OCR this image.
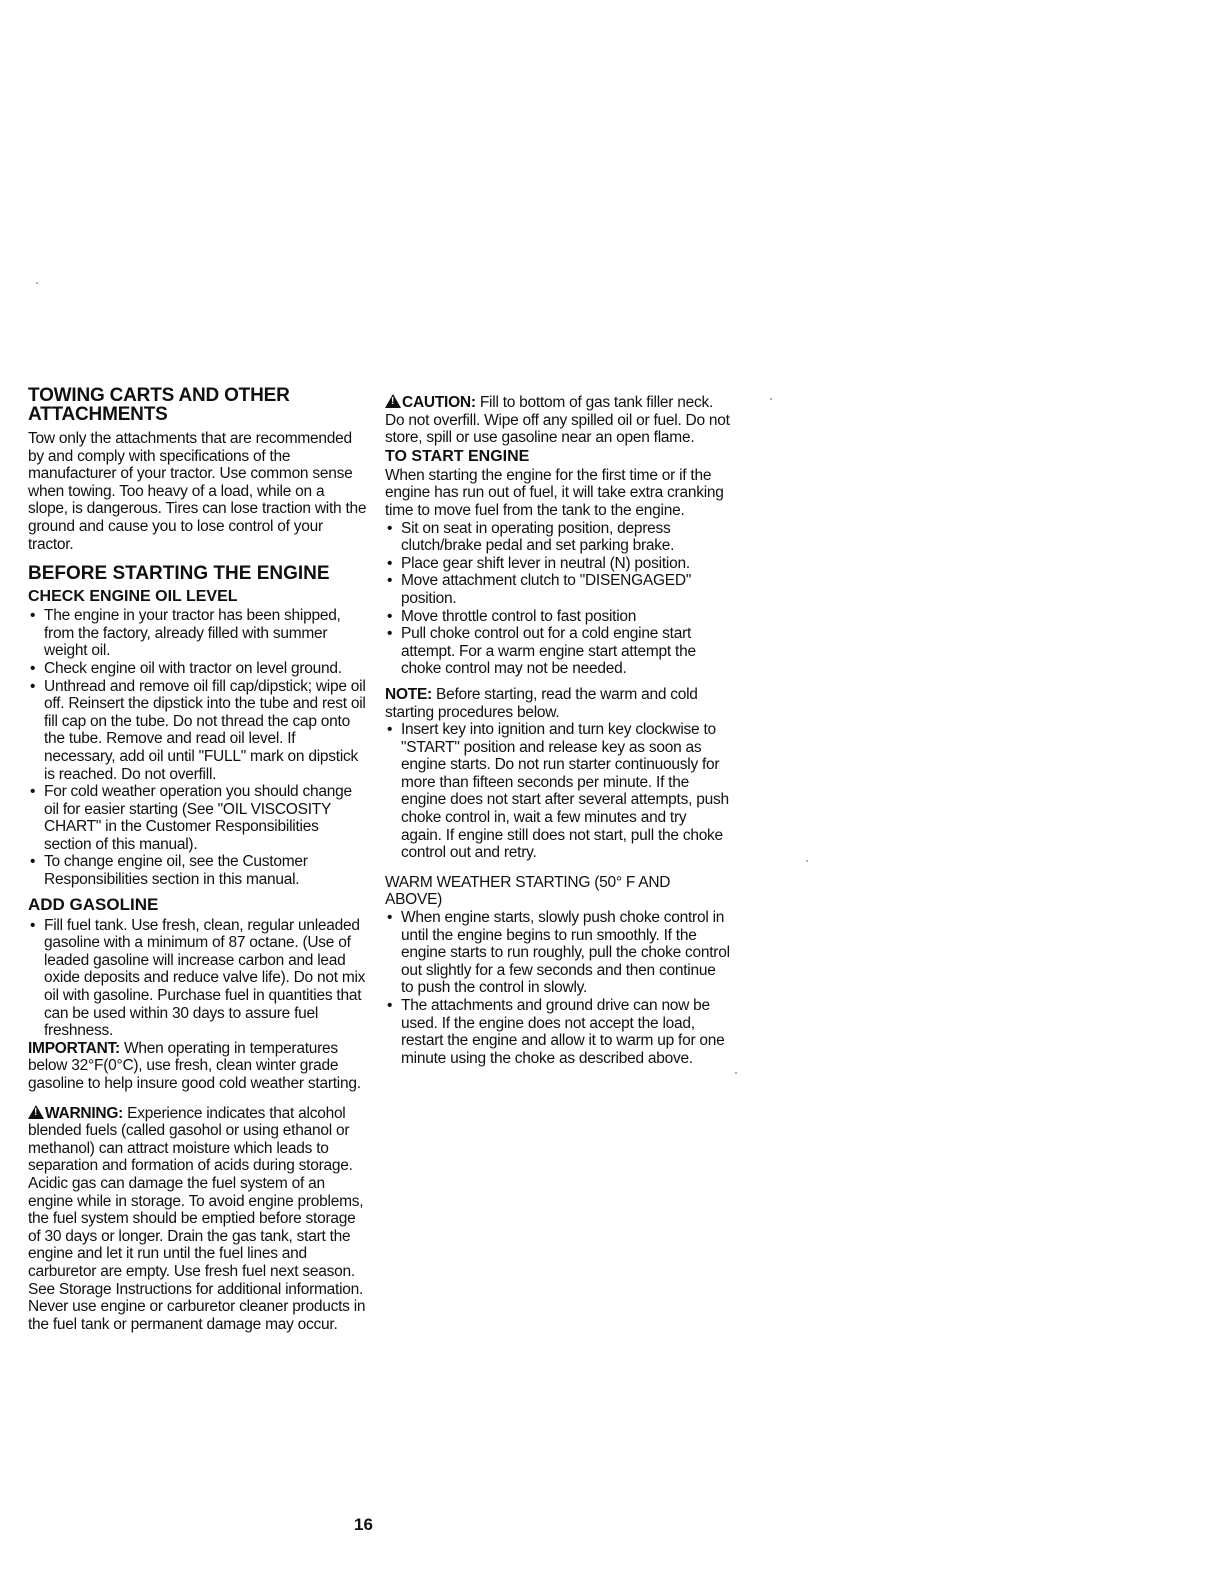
TOWING CARTS AND OTHER ATTACHMENTS

Tow only the attachments that are recommended by and comply with specifications of the manufacturer of your tractor. Use common sense when towing. Too heavy of a load, while on a slope, is dangerous. Tires can lose traction with the ground and cause you to lose control of your tractor.

BEFORE STARTING THE ENGINE
CHECK ENGINE OIL LEVEL
• The engine in your tractor has been shipped, from the factory, already filled with summer weight oil.
• Check engine oil with tractor on level ground.
• Unthread and remove oil fill cap/dipstick; wipe oil off. Reinsert the dipstick into the tube and rest oil fill cap on the tube. Do not thread the cap onto the tube. Remove and read oil level. If necessary, add oil until "FULL" mark on dipstick is reached. Do not overfill.
• For cold weather operation you should change oil for easier starting (See "OIL VISCOSITY CHART" in the Customer Responsibilities section of this manual).
• To change engine oil, see the Customer Responsibilities section in this manual.
ADD GASOLINE
• Fill fuel tank. Use fresh, clean, regular unleaded gasoline with a minimum of 87 octane. (Use of leaded gasoline will increase carbon and lead oxide deposits and reduce valve life). Do not mix oil with gasoline. Purchase fuel in quantities that can be used within 30 days to assure fuel freshness.

IMPORTANT: When operating in temperatures below 32°F(0°C), use fresh, clean winter grade gasoline to help insure good cold weather starting.

!WARNING: Experience indicates that alcohol blended fuels (called gasohol or using ethanol or methanol) can attract moisture which leads to separation and formation of acids during storage. Acidic gas can damage the fuel system of an engine while in storage. To avoid engine problems, the fuel system should be emptied before storage of 30 days or longer. Drain the gas tank, start the engine and let it run until the fuel lines and carburetor are empty. Use fresh fuel next season. See Storage Instructions for additional information. Never use engine or carburetor cleaner products in the fuel tank or permanent damage may occur.

!CAUTION: Fill to bottom of gas tank filler neck. Do not overfill. Wipe off any spilled oil or fuel. Do not store, spill or use gasoline near an open flame.

TO START ENGINE

When starting the engine for the first time or if the engine has run out of fuel, it will take extra cranking time to move fuel from the tank to the engine.

• Sit on seat in operating position, depress clutch/brake pedal and set parking brake.
• Place gear shift lever in neutral (N) position.
• Move attachment clutch to "DISENGAGED" position.
• Move throttle control to fast position
• Pull choke control out for a cold engine start attempt. For a warm engine start attempt the choke control may not be needed.

NOTE: Before starting, read the warm and cold starting procedures below.

• Insert key into ignition and turn key clockwise to "START" position and release key as soon as engine starts. Do not run starter continuously for more than fifteen seconds per minute. If the engine does not start after several attempts, push choke control in, wait a few minutes and try again. If engine still does not start, pull the choke control out and retry.

WARM WEATHER STARTING (50° F AND ABOVE)

• When engine starts, slowly push choke control in until the engine begins to run smoothly. If the engine starts to run roughly, pull the choke control out slightly for a few seconds and then continue to push the control in slowly.
• The attachments and ground drive can now be used. If the engine does not accept the load, restart the engine and allow it to warm up for one minute using the choke as described above.
16
